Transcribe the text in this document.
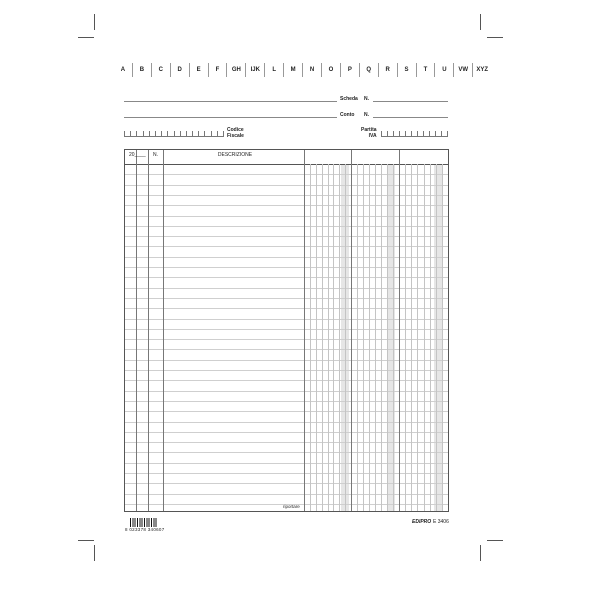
A	B	C	D	E	F	GH	IJK	L	M	N	O	P	Q	R	S	T	U	VW	XYZ
Scheda N.
Conto N.
Codice
Fiscale
Partita
IVA
20____ N.	DESCRIZIONE
riportare
8 023378 340607
EDIPRO E 3406
